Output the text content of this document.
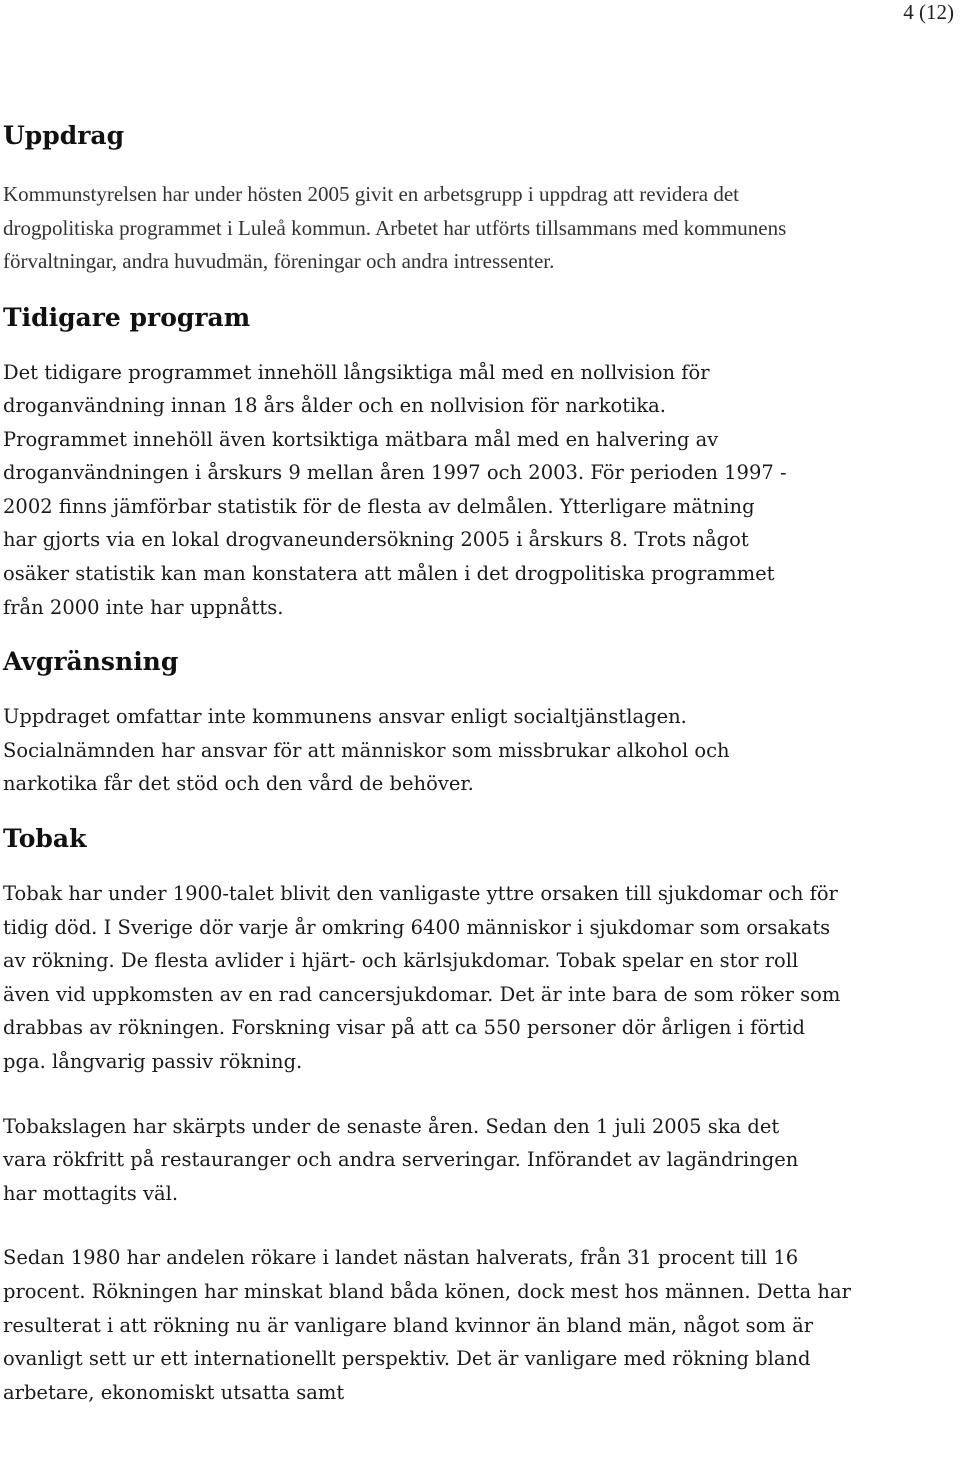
4 (12)
Uppdrag

Kommunstyrelsen har under hösten 2005 givit en arbetsgrupp i uppdrag att revidera det drogpolitiska programmet i Luleå kommun. Arbetet har utförts tillsammans med kommunens förvaltningar, andra huvudmän, föreningar och andra intressenter.

Tidigare program

Det tidigare programmet innehöll långsiktiga mål med en nollvision för droganvändning innan 18 års ålder och en nollvision för narkotika. Programmet innehöll även kortsiktiga mätbara mål med en halvering av droganvändningen i årskurs 9 mellan åren 1997 och 2003. För perioden 1997 - 2002 finns jämförbar statistik för de flesta av delmålen. Ytterligare mätning har gjorts via en lokal drogvaneundersökning 2005 i årskurs 8. Trots något osäker statistik kan man konstatera att målen i det drogpolitiska programmet från 2000 inte har uppnåtts.

Avgränsning

Uppdraget omfattar inte kommunens ansvar enligt socialtjänstlagen. Socialnämnden har ansvar för att människor som missbrukar alkohol och narkotika får det stöd och den vård de behöver.

Tobak

Tobak har under 1900-talet blivit den vanligaste yttre orsaken till sjukdomar och för tidig död. I Sverige dör varje år omkring 6400 människor i sjukdomar som orsakats av rökning. De flesta avlider i hjärt- och kärlsjukdomar. Tobak spelar en stor roll även vid uppkomsten av en rad cancersjukdomar. Det är inte bara de som röker som drabbas av rökningen. Forskning visar på att ca 550 personer dör årligen i förtid pga. långvarig passiv rökning.

Tobakslagen har skärpts under de senaste åren. Sedan den 1 juli 2005 ska det vara rökfritt på restauranger och andra serveringar. Införandet av lagändringen har mottagits väl.

Sedan 1980 har andelen rökare i landet nästan halverats, från 31 procent till 16 procent. Rökningen har minskat bland båda könen, dock mest hos männen. Detta har resulterat i att rökning nu är vanligare bland kvinnor än bland män, något som är ovanligt sett ur ett internationellt perspektiv. Det är vanligare med rökning bland arbetare, ekonomiskt utsatta samt
